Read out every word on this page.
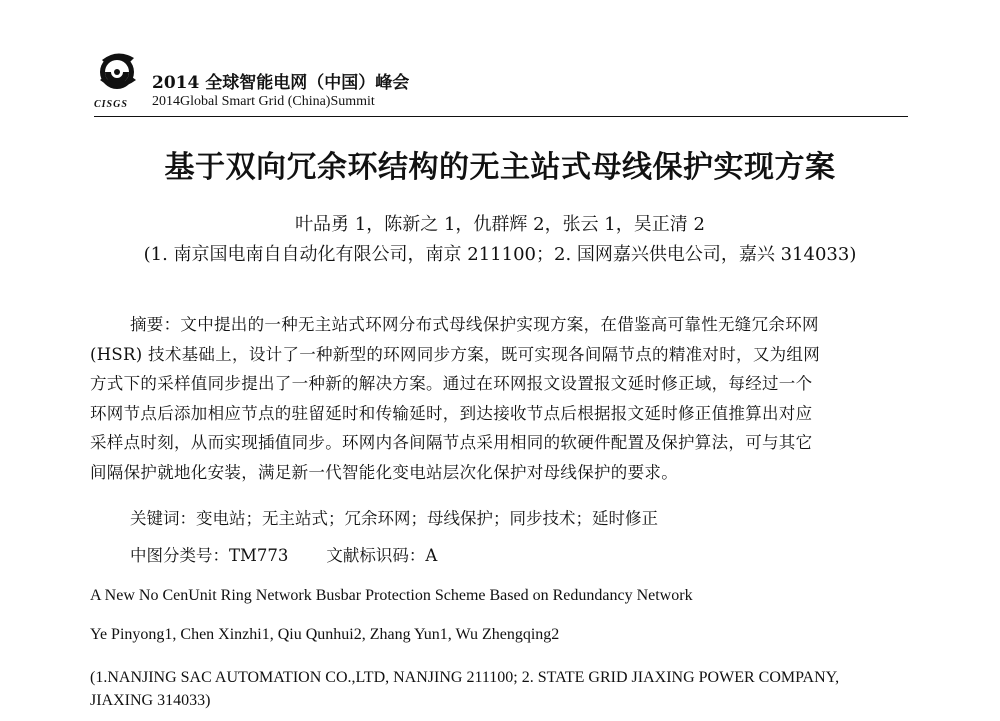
CISGS
2014 全球智能电网（中国）峰会
2014Global Smart Grid (China)Summit
基于双向冗余环结构的无主站式母线保护实现方案
叶品勇 1，陈新之 1，仇群辉 2，张云 1，吴正清 2
(1. 南京国电南自自动化有限公司，南京 211100；2. 国网嘉兴供电公司，嘉兴 314033)
摘要：文中提出的一种无主站式环网分布式母线保护实现方案，在借鉴高可靠性无缝冗余环网
(HSR) 技术基础上，设计了一种新型的环网同步方案，既可实现各间隔节点的精准对时，又为组网
方式下的采样值同步提出了一种新的解决方案。通过在环网报文设置报文延时修正域，每经过一个
环网节点后添加相应节点的驻留延时和传输延时，到达接收节点后根据报文延时修正值推算出对应
采样点时刻，从而实现插值同步。环网内各间隔节点采用相同的软硬件配置及保护算法，可与其它
间隔保护就地化安装，满足新一代智能化变电站层次化保护对母线保护的要求。
关键词：变电站；无主站式；冗余环网；母线保护；同步技术；延时修正
中图分类号：TM773 文献标识码：A
A New No CenUnit Ring Network Busbar Protection Scheme Based on Redundancy Network
Ye Pinyong1, Chen Xinzhi1, Qiu Qunhui2, Zhang Yun1, Wu Zhengqing2
(1.NANJING SAC AUTOMATION CO.,LTD, NANJING 211100; 2. STATE GRID JIAXING POWER COMPANY,
JIAXING 314033)
